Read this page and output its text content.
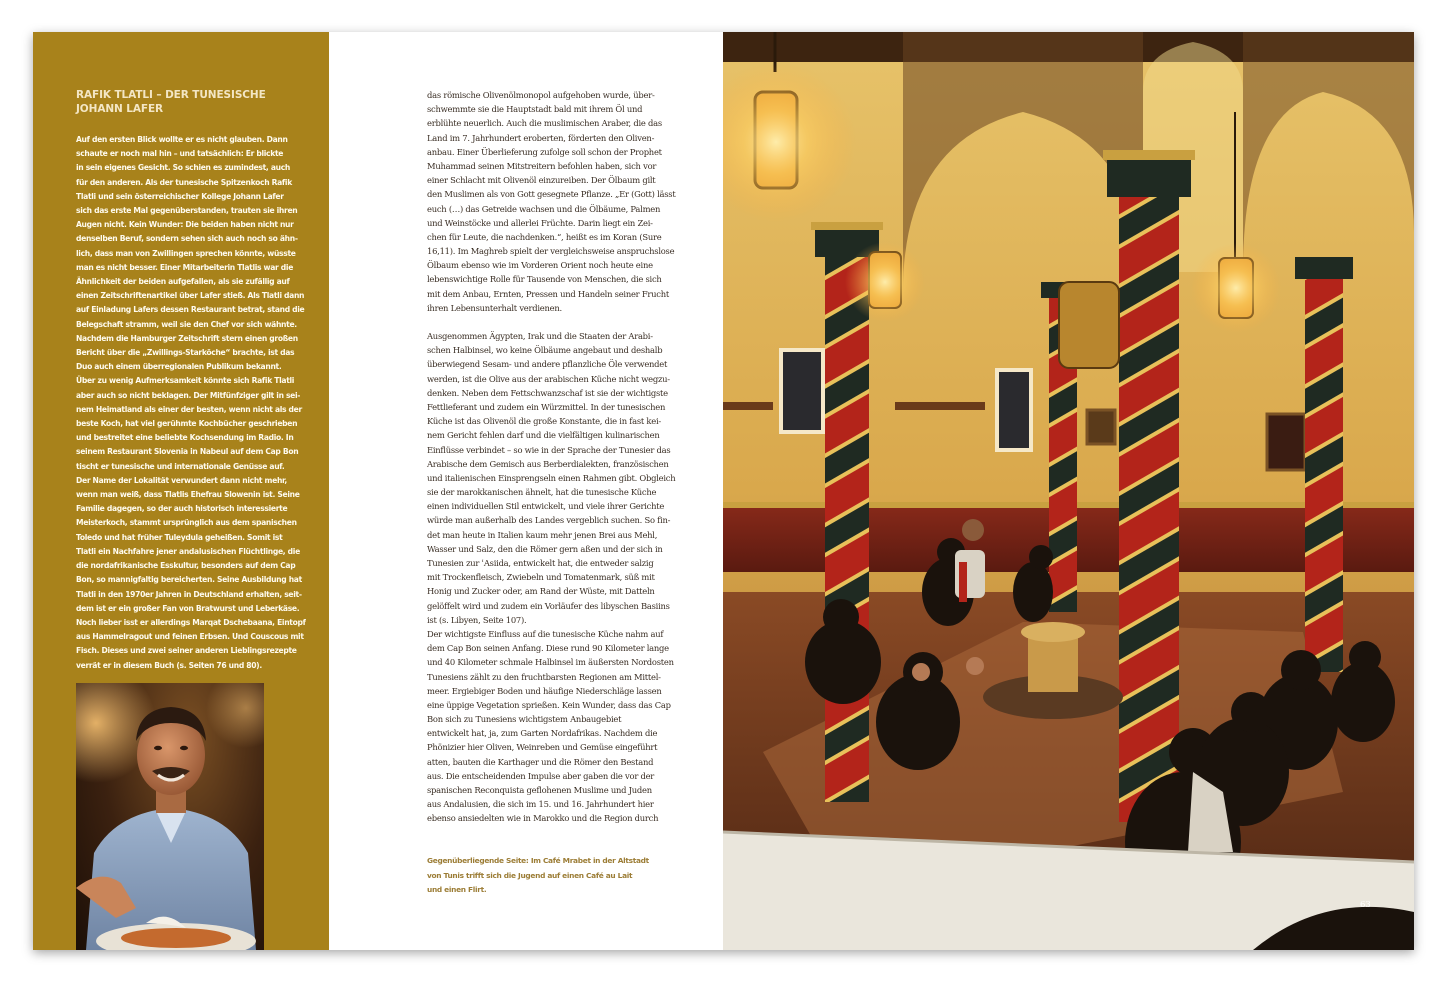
RAFIK TLATLI – DER TUNESISCHE
JOHANN LAFER

Auf den ersten Blick wollte er es nicht glauben. Dann
schaute er noch mal hin – und tatsächlich: Er blickte
in sein eigenes Gesicht. So schien es zumindest, auch
für den anderen. Als der tunesische Spitzenkoch Rafik
Tlatli und sein österreichischer Kollege Johann Lafer
sich das erste Mal gegenüberstanden, trauten sie ihren
Augen nicht. Kein Wunder: Die beiden haben nicht nur
denselben Beruf, sondern sehen sich auch noch so ähn-
lich, dass man von Zwillingen sprechen könnte, wüsste
man es nicht besser. Einer Mitarbeiterin Tlatlis war die
Ähnlichkeit der beiden aufgefallen, als sie zufällig auf
einen Zeitschriftenartikel über Lafer stieß. Als Tlatli dann
auf Einladung Lafers dessen Restaurant betrat, stand die
Belegschaft stramm, weil sie den Chef vor sich wähnte.
Nachdem die Hamburger Zeitschrift stern einen großen
Bericht über die „Zwillings-Starköche“ brachte, ist das
Duo auch einem überregionalen Publikum bekannt.
Über zu wenig Aufmerksamkeit könnte sich Rafik Tlatli
aber auch so nicht beklagen. Der Mitfünfziger gilt in sei-
nem Heimatland als einer der besten, wenn nicht als der
beste Koch, hat viel gerühmte Kochbücher geschrieben
und bestreitet eine beliebte Kochsendung im Radio. In
seinem Restaurant Slovenia in Nabeul auf dem Cap Bon
tischt er tunesische und internationale Genüsse auf.
Der Name der Lokalität verwundert dann nicht mehr,
wenn man weiß, dass Tlatlis Ehefrau Slowenin ist. Seine
Familie dagegen, so der auch historisch interessierte
Meisterkoch, stammt ursprünglich aus dem spanischen
Toledo und hat früher Tuleydula geheißen. Somit ist
Tlatli ein Nachfahre jener andalusischen Flüchtlinge, die
die nordafrikanische Esskultur, besonders auf dem Cap
Bon, so mannigfaltig bereicherten. Seine Ausbildung hat
Tlatli in den 1970er Jahren in Deutschland erhalten, seit-
dem ist er ein großer Fan von Bratwurst und Leberkäse.
Noch lieber isst er allerdings Marqat Dschebaana, Eintopf
aus Hammelragout und feinen Erbsen. Und Couscous mit
Fisch. Dieses und zwei seiner anderen Lieblingsrezepte
verrät er in diesem Buch (s. Seiten 76 und 80).

das römische Olivenölmonopol aufgehoben wurde, über-
schwemmte sie die Hauptstadt bald mit ihrem Öl und
erblühte neuerlich. Auch die muslimischen Araber, die das
Land im 7. Jahrhundert eroberten, förderten den Oliven-
anbau. Einer Überlieferung zufolge soll schon der Prophet
Muhammad seinen Mitstreitern befohlen haben, sich vor
einer Schlacht mit Olivenöl einzureiben. Der Ölbaum gilt
den Muslimen als von Gott gesegnete Pflanze. „Er (Gott) lässt
euch (…) das Getreide wachsen und die Ölbäume, Palmen
und Weinstöcke und allerlei Früchte. Darin liegt ein Zei-
chen für Leute, die nachdenken.“, heißt es im Koran (Sure
16,11). Im Maghreb spielt der vergleichsweise anspruchslose
Ölbaum ebenso wie im Vorderen Orient noch heute eine
lebenswichtige Rolle für Tausende von Menschen, die sich
mit dem Anbau, Ernten, Pressen und Handeln seiner Frucht
ihren Lebensunterhalt verdienen.

Ausgenommen Ägypten, Irak und die Staaten der Arabi-
schen Halbinsel, wo keine Ölbäume angebaut und deshalb
überwiegend Sesam- und andere pflanzliche Öle verwendet
werden, ist die Olive aus der arabischen Küche nicht wegzu-
denken. Neben dem Fettschwanzschaf ist sie der wichtigste
Fettlieferant und zudem ein Würzmittel. In der tunesischen
Küche ist das Olivenöl die große Konstante, die in fast kei-
nem Gericht fehlen darf und die vielfältigen kulinarischen
Einflüsse verbindet – so wie in der Sprache der Tunesier das
Arabische dem Gemisch aus Berberdialekten, französischen
und italienischen Einsprengseln einen Rahmen gibt. Obgleich
sie der marokkanischen ähnelt, hat die tunesische Küche
einen individuellen Stil entwickelt, und viele ihrer Gerichte
würde man außerhalb des Landes vergeblich suchen. So fin-
det man heute in Italien kaum mehr jenen Brei aus Mehl,
Wasser und Salz, den die Römer gern aßen und der sich in
Tunesien zur ʿAsiida, entwickelt hat, die entweder salzig
mit Trockenfleisch, Zwiebeln und Tomatenmark, süß mit
Honig und Zucker oder, am Rand der Wüste, mit Datteln
gelöffelt wird und zudem ein Vorläufer des libyschen Basiins
ist (s. Libyen, Seite 107).
Der wichtigste Einfluss auf die tunesische Küche nahm auf
dem Cap Bon seinen Anfang. Diese rund 90 Kilometer lange
und 40 Kilometer schmale Halbinsel im äußersten Nordosten
Tunesiens zählt zu den fruchtbarsten Regionen am Mittel-
meer. Ergiebiger Boden und häufige Niederschläge lassen
eine üppige Vegetation sprießen. Kein Wunder, dass das Cap
Bon sich zu Tunesiens wichtigstem Anbaugebiet
entwickelt hat, ja, zum Garten Nordafrikas. Nachdem die
Phönizier hier Oliven, Weinreben und Gemüse eingeführt
atten, bauten die Karthager und die Römer den Bestand
aus. Die entscheidenden Impulse aber gaben die vor der
spanischen Reconquista geflohenen Muslime und Juden
aus Andalusien, die sich im 15. und 16. Jahrhundert hier
ebenso ansiedelten wie in Marokko und die Region durch

Gegenüberliegende Seite: Im Café Mrabet in der Altstadt
von Tunis trifft sich die Jugend auf einen Café au Lait
und einen Flirt.

63
